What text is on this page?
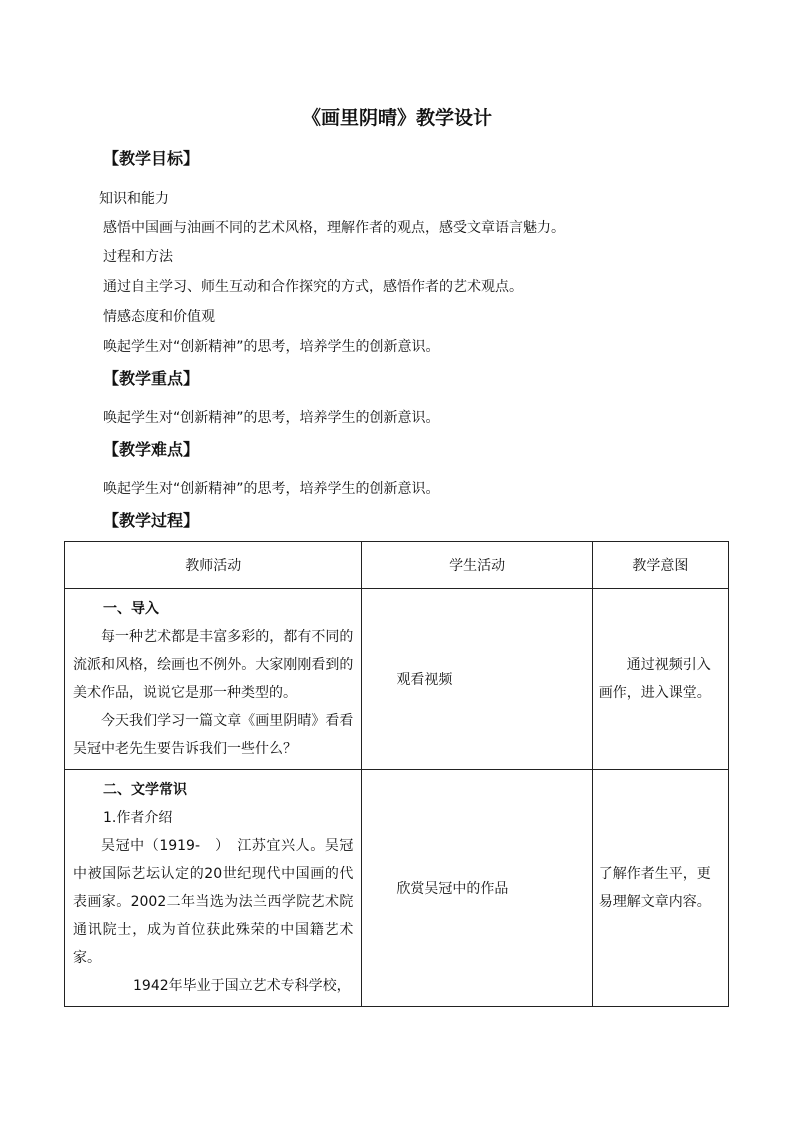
《画里阴晴》教学设计
【教学目标】

知识和能力

感悟中国画与油画不同的艺术风格，理解作者的观点，感受文章语言魅力。

过程和方法

通过自主学习、师生互动和合作探究的方式，感悟作者的艺术观点。

情感态度和价值观

唤起学生对“创新精神”的思考，培养学生的创新意识。

【教学重点】

唤起学生对“创新精神”的思考，培养学生的创新意识。

【教学难点】

唤起学生对“创新精神”的思考，培养学生的创新意识。

【教学过程】
教师活动	学生活动	教学意图

一、导入

每一种艺术都是丰富多彩的，都有不同的流派和风格，绘画也不例外。大家刚刚看到的美术作品，说说它是那一种类型的。

今天我们学习一篇文章《画里阴晴》看看吴冠中老先生要告诉我们一些什么？	观看视频	通过视频引入画作，进入课堂。

二、文学常识

1.作者介绍

吴冠中（1919-　）　江苏宜兴人。吴冠中被国际艺坛认定的20世纪现代中国画的代表画家。2002二年当选为法兰西学院艺术院通讯院士，成为首位获此殊荣的中国籍艺术家。

1942年毕业于国立艺术专科学校，	欣赏吴冠中的作品	了解作者生平，更易理解文章内容。
